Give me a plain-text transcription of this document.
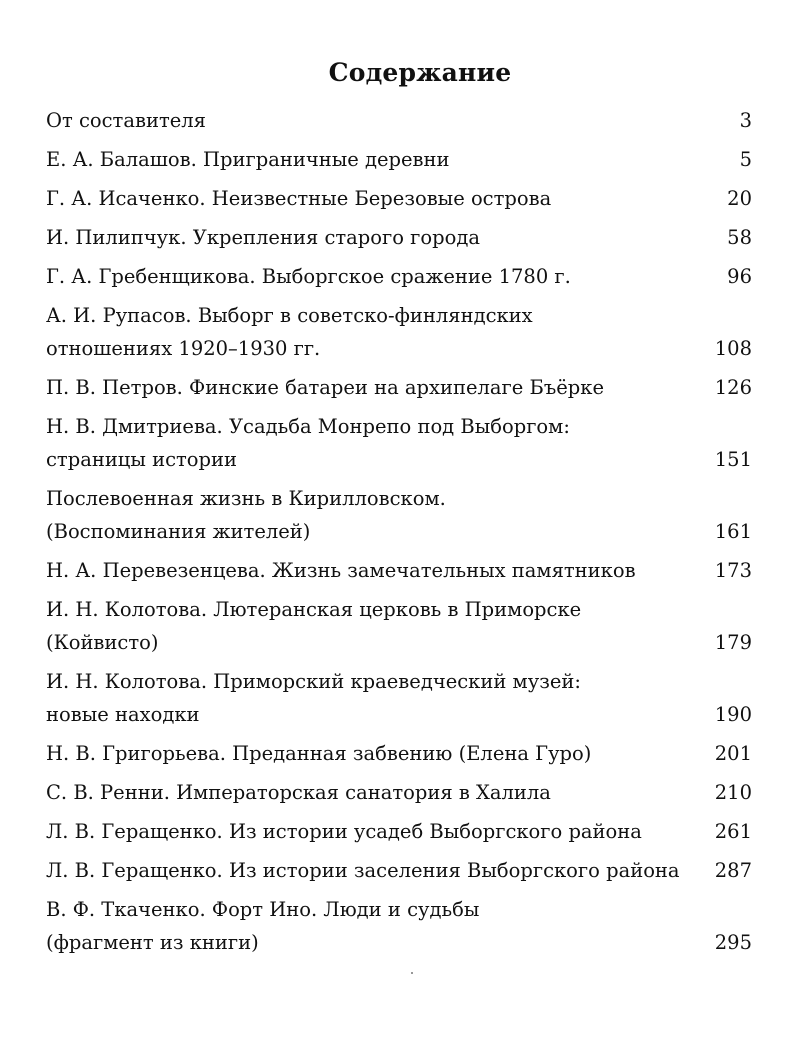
Содержание
От составителя .....	3
Е. А. Балашов. Приграничные деревни .....	5
Г. А. Исаченко. Неизвестные Березовые острова .....	20
И. Пилипчук. Укрепления старого города .....	58
Г. А. Гребенщикова. Выборгское сражение 1780 г. .....	96
А. И. Рупасов. Выборг в советско-финляндских
отношениях 1920–1930 гг. .....	108
П. В. Петров. Финские батареи на архипелаге Бъёрке .....	126
Н. В. Дмитриева. Усадьба Монрепо под Выборгом:
страницы истории .....	151
Послевоенная жизнь в Кирилловском.
(Воспоминания жителей) .....	161
Н. А. Перевезенцева. Жизнь замечательных памятников .....	173
И. Н. Колотова. Лютеранская церковь в Приморске
(Койвисто) .....	179
И. Н. Колотова. Приморский краеведческий музей:
новые находки .....	190
Н. В. Григорьева. Преданная забвению (Елена Гуро) .....	201
С. В. Ренни. Императорская санатория в Халила .....	210
Л. В. Геращенко. Из истории усадеб Выборгского района .....	261
Л. В. Геращенко. Из истории заселения Выборгского района ..... 287
В. Ф. Ткаченко. Форт Ино. Люди и судьбы
(фрагмент из книги) .....	295
